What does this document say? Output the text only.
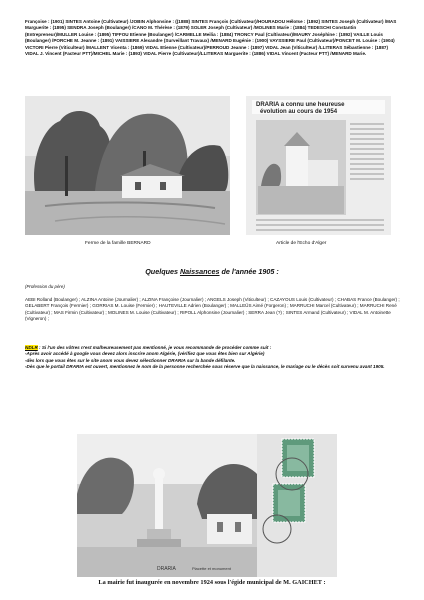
Françoise : (1901) SINTES Antoine (Cultivateur) /JOBIN Alphonsine : ((1888) SINTES François (Cultivateur)/HOURADOU Héloïse : (1892) SINTES Joseph (Cultivateur) /MAS Marguerite : (1895) SENDRA Joseph (Boulanger) /CANO M. Thérèse : (1879) SOLER Joseph (Cultivateur) /MOLINES Marie : (1884) TEDESCHI Constantin (Entrepreneur)/MULLER Louise : (1895) TIFFOU Etienne (Boulanger) /CARMELLE Meilia : (1884) TRONCY Paul (Cultivateur)/MAURY Joséphine : (1892) VAILLE Louis (Boulanger) /PORCHE M. Jeanne : (1891) VAISSIERE Alexandre (Surveillant Travaux) /MENARD Eugénie : (1900) VAYSSIERE Paul (Cultivateur)/PONCET M. Louise : (1904) VICTORI Pierre (Viticulteur) /MALLENT Vicenta : (1869) VIDAL Etienne (Cultivateur)/PERROUD Jeanne : (1897) VIDAL Jean (Viticulteur) /LLITERAS Sébastienne : (1887) VIDAL J. Vincent (Facteur PTT)/MICHEL Marie : (1893) VIDAL Pierre (Cultivateur)/LLITERAS Marguerite : (1886) VIDAL Vincent (Facteur PTT) /MENARD Marie.

DRARIA a connu une heureuse
évolution au cours de 1954
Ferme de la famille BERNARD	Article de l'Echo d'Alger
Quelques Naissances de l'année 1905 :
(Profession du père)

AEBI Rolland (Boulanger) ; ALZINA Antoine (Journalier) ; ALZINA Françoise (Journalier) ; ANGELS Joseph (Viticulteur) ; CAZAYOUS Louis (Cultivateur) ; CHABAS France (Boulanger) ; GELABERT François (Fermier) ; GORRIAS M. Louise (Fermier) ; HAUTEVILLE Adrien (Boulanger) ; MALLEÜS Aimé (Forgeron) ; MARRUCHI Marcel (Cultivateur) ; MARRUCHI René (Cultivateur) ; MAS Firmin (Cultivateur) ; MOLINES M. Louise (Cultivateur) ; RIPOLL Alphonsine (Journalier) ; SERRA Jean (?) ; SINTES Armand (Cultivateur) ; VIDAL M. Antoinette (Vigneron) ;

NDLR : Si l'un des vôtres n'est malheureusement pas mentionné, je vous recommande de procéder comme suit :
-Après avoir accédé à google vous devez alors inscrire anom Algérie, (vérifiez que vous êtes bien sur Algérie)
-dès lors que vous êtes sur le site anom vous devez sélectionner DRARIA sur la bande défilante.
-Dès que le portail DRARIA est ouvert, mentionnez le nom de la personne recherchée sous réserve que la naissance, le mariage ou le décès soit survenu avant 1905.
DRARIA	Placette et monument
La mairie fut inaugurée en novembre 1924 sous l'égide municipal de M. GAICHET :
